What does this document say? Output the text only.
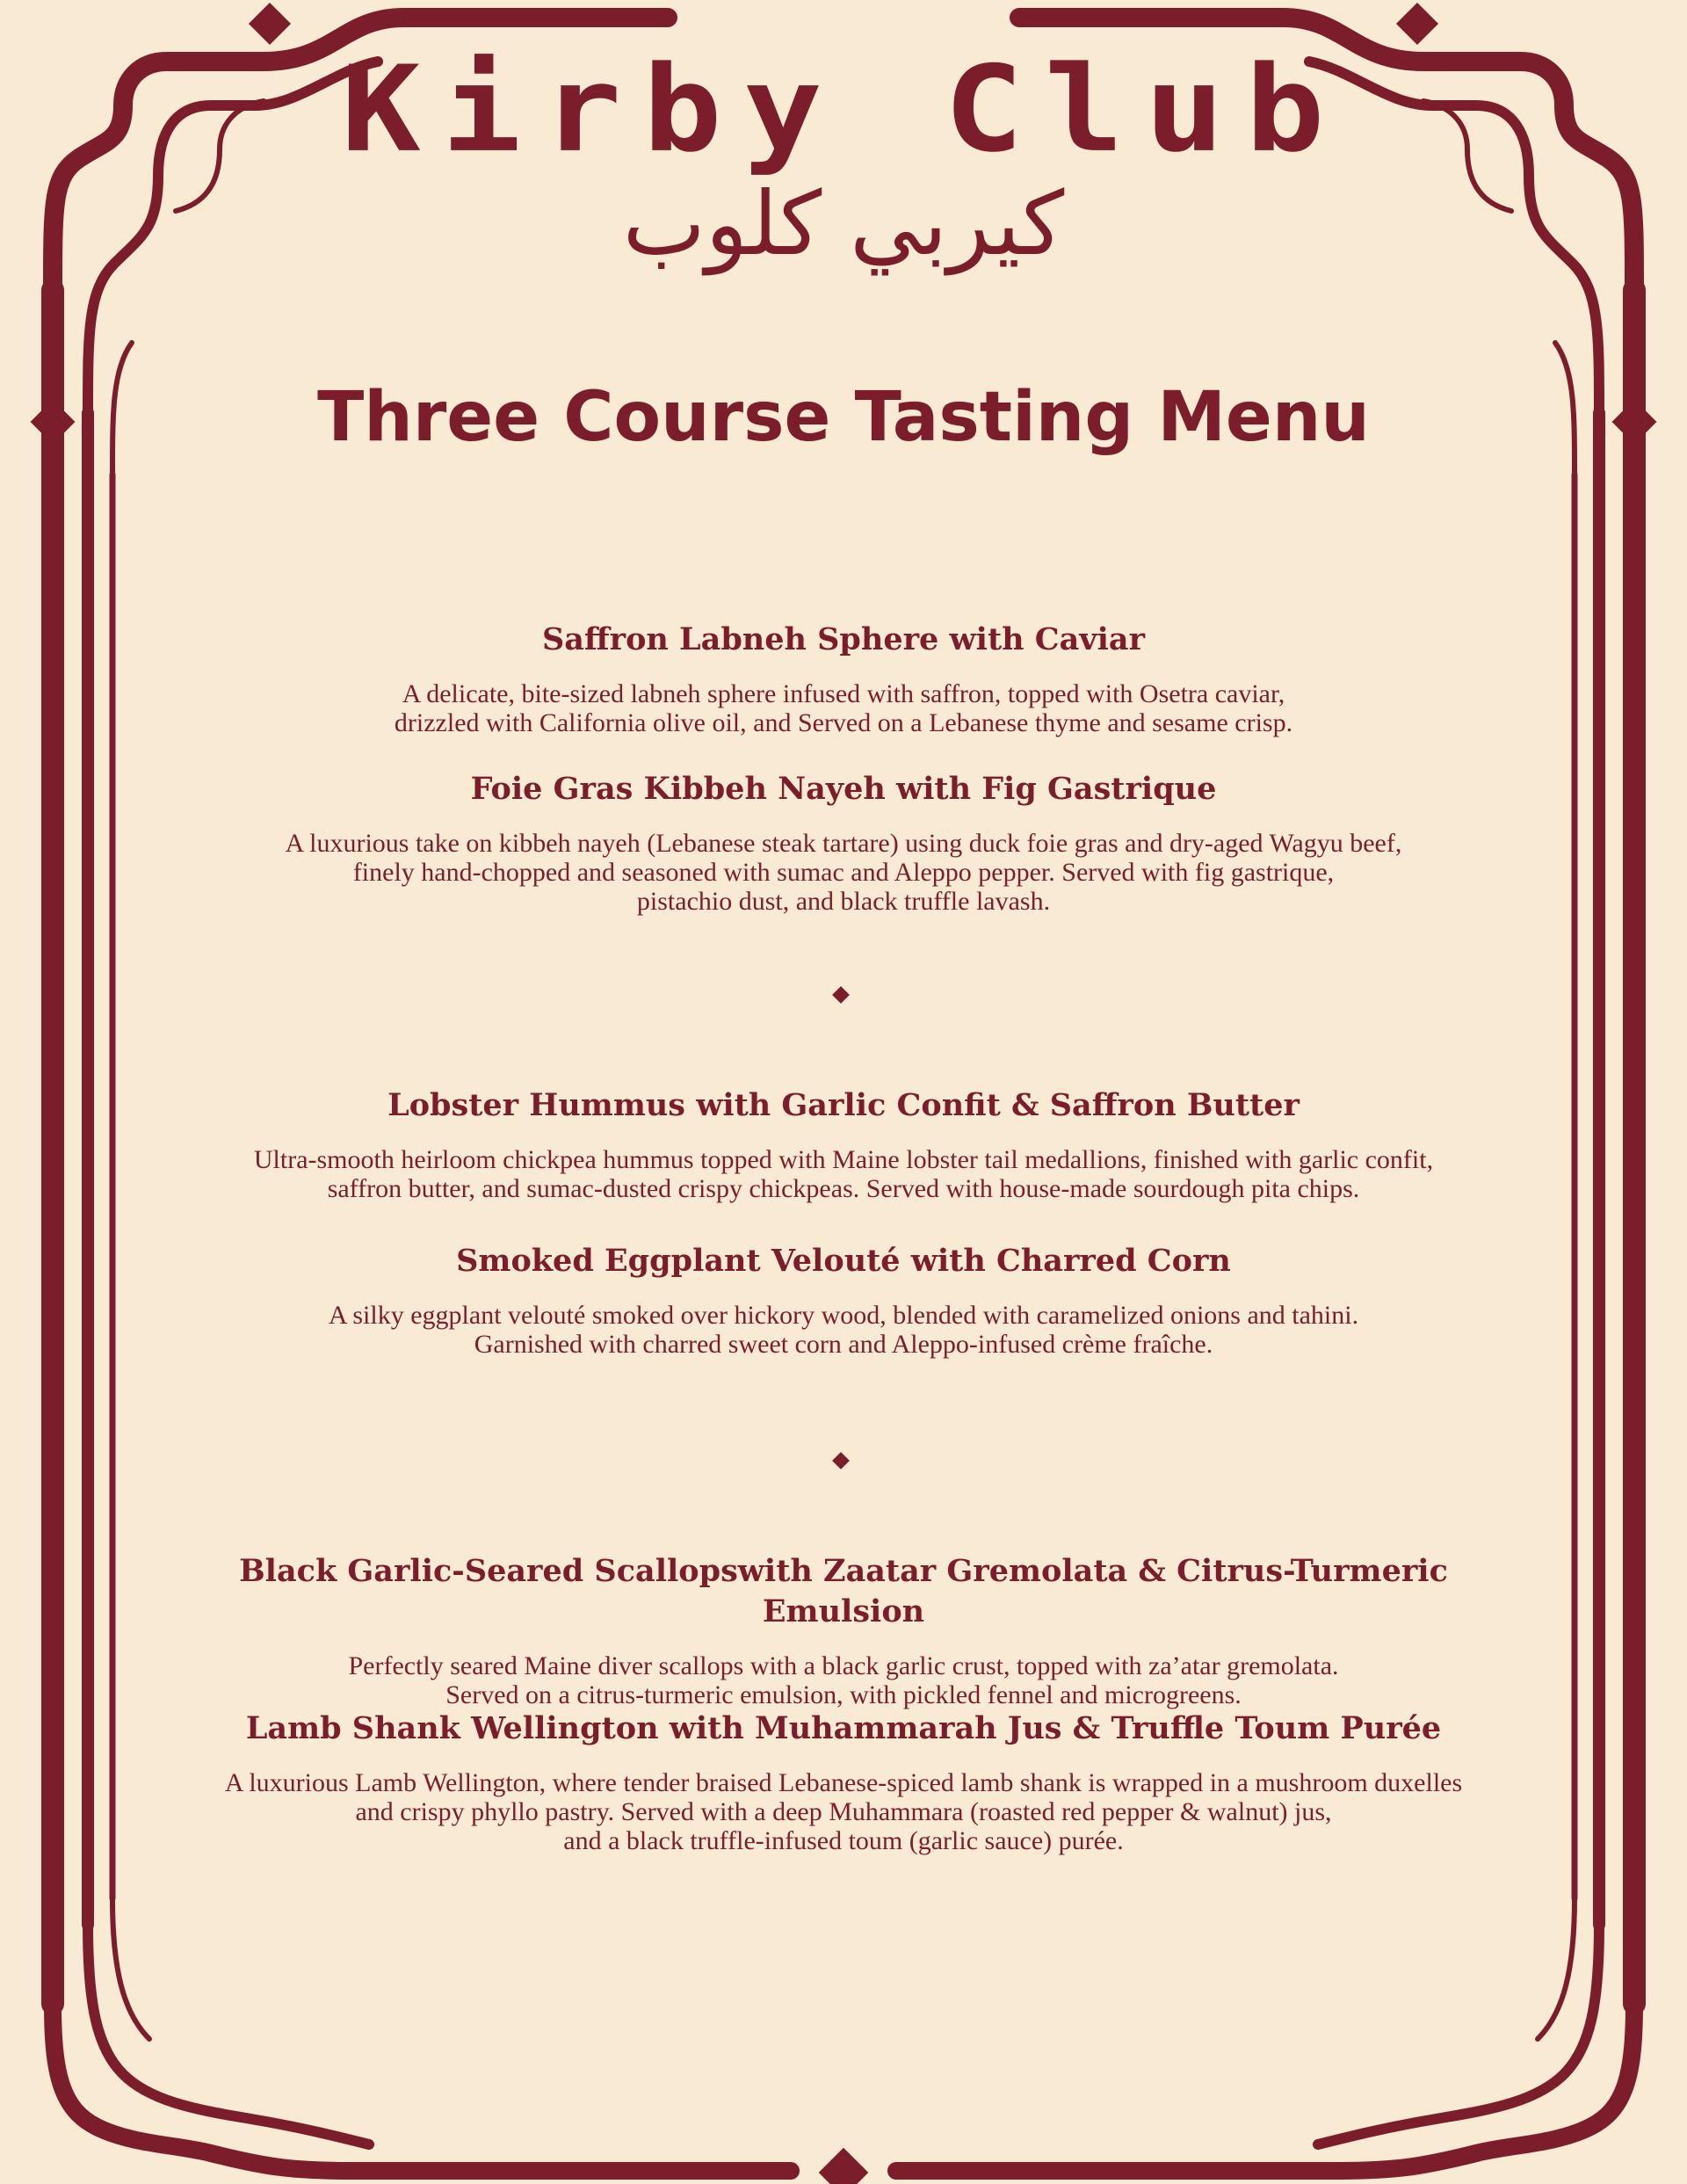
Kirby Club
كيربي كلوب
Three Course Tasting Menu
Saffron Labneh Sphere with Caviar

A delicate, bite-sized labneh sphere infused with saffron, topped with Osetra caviar,
drizzled with California olive oil, and Served on a Lebanese thyme and sesame crisp.

Foie Gras Kibbeh Nayeh with Fig Gastrique

A luxurious take on kibbeh nayeh (Lebanese steak tartare) using duck foie gras and dry-aged Wagyu beef,
finely hand-chopped and seasoned with sumac and Aleppo pepper. Served with fig gastrique,
pistachio dust, and black truffle lavash.

Lobster Hummus with Garlic Confit & Saffron Butter

Ultra-smooth heirloom chickpea hummus topped with Maine lobster tail medallions, finished with garlic confit,
saffron butter, and sumac-dusted crispy chickpeas. Served with house-made sourdough pita chips.

Smoked Eggplant Velouté with Charred Corn

A silky eggplant velouté smoked over hickory wood, blended with caramelized onions and tahini.
Garnished with charred sweet corn and Aleppo-infused crème fraîche.

Black Garlic-Seared Scallopswith Zaatar Gremolata & Citrus-Turmeric Emulsion

Perfectly seared Maine diver scallops with a black garlic crust, topped with za’atar gremolata.
Served on a citrus-turmeric emulsion, with pickled fennel and microgreens.

Lamb Shank Wellington with Muhammarah Jus & Truffle Toum Purée

A luxurious Lamb Wellington, where tender braised Lebanese-spiced lamb shank is wrapped in a mushroom duxelles
and crispy phyllo pastry. Served with a deep Muhammara (roasted red pepper & walnut) jus,
and a black truffle-infused toum (garlic sauce) purée.
